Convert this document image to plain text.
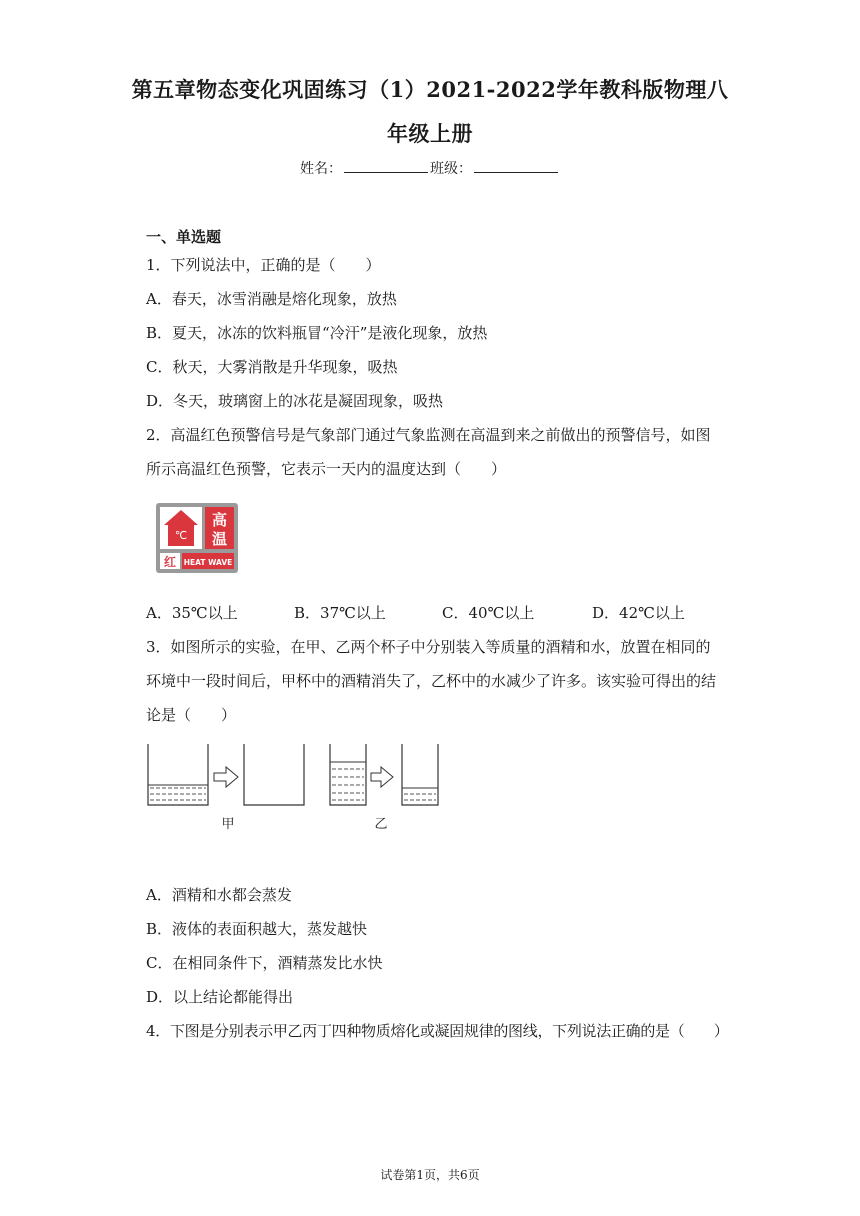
第五章物态变化巩固练习（1）2021-2022学年教科版物理八
年级上册
姓名：	班级：
一、单选题
1．下列说法中，正确的是（　　）
A．春天，冰雪消融是熔化现象，放热
B．夏天，冰冻的饮料瓶冒“冷汗”是液化现象，放热
C．秋天，大雾消散是升华现象，吸热
D．冬天，玻璃窗上的冰花是凝固现象，吸热
2．高温红色预警信号是气象部门通过气象监测在高温到来之前做出的预警信号，如图
所示高温红色预警，它表示一天内的温度达到（　　）
℃
高
温
红 HEAT WAVE
A．35℃以上	B．37℃以上	C．40℃以上	D．42℃以上
3．如图所示的实验，在甲、乙两个杯子中分别装入等质量的酒精和水，放置在相同的
环境中一段时间后，甲杯中的酒精消失了，乙杯中的水减少了许多。该实验可得出的结
论是（　　）
甲	乙
A．酒精和水都会蒸发
B．液体的表面积越大，蒸发越快
C．在相同条件下，酒精蒸发比水快
D．以上结论都能得出
4．下图是分别表示甲乙丙丁四种物质熔化或凝固规律的图线，下列说法正确的是（　　）
试卷第1页，共6页
